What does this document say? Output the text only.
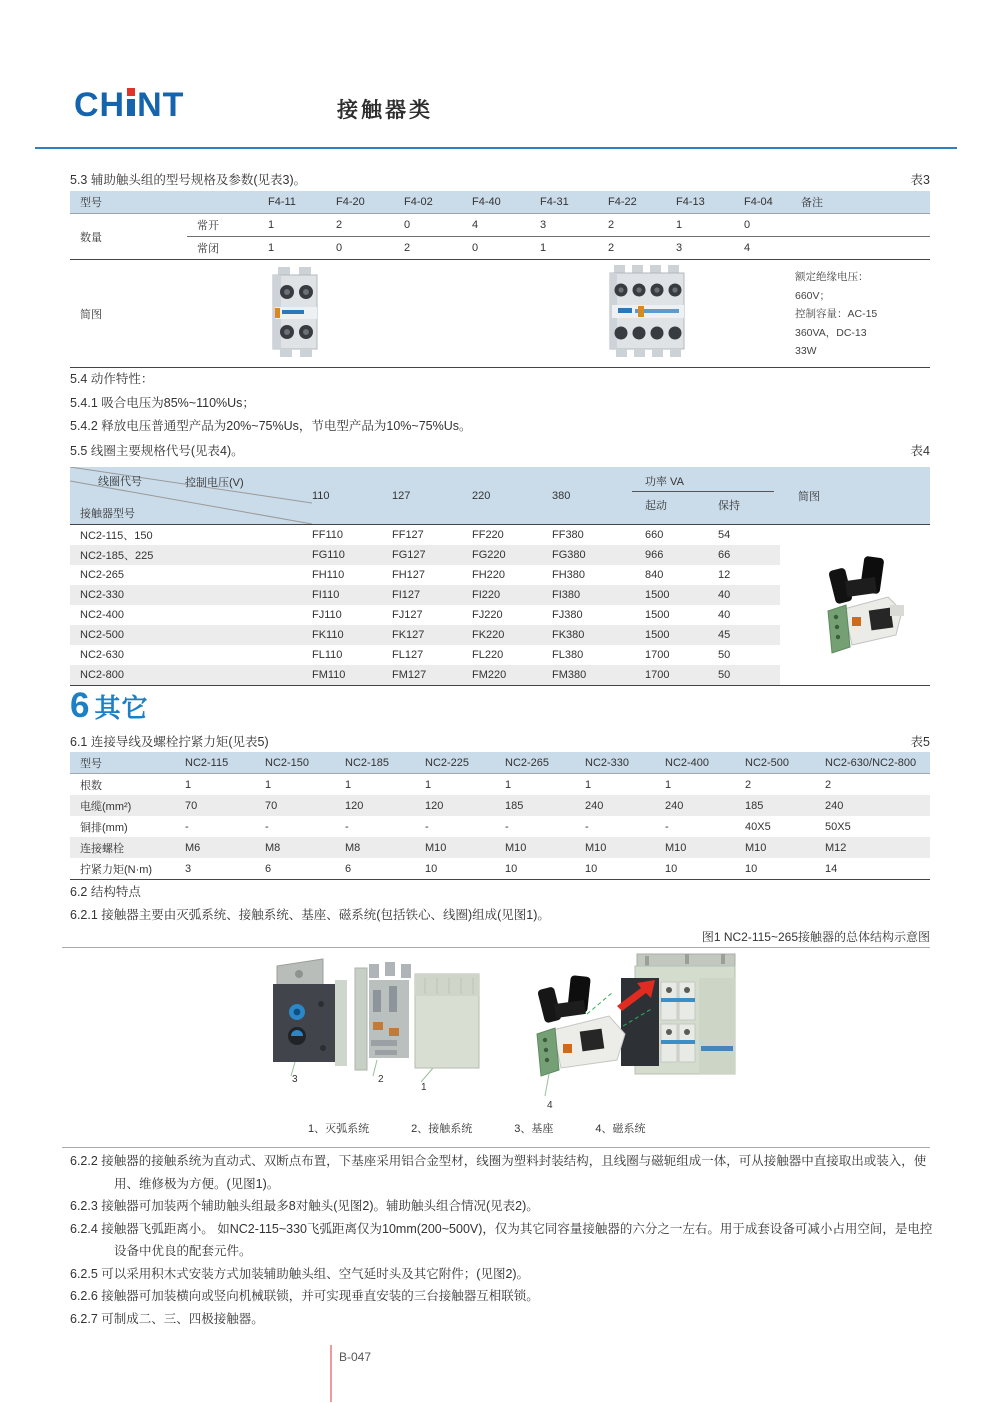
CH NT	接触器类
5.3 辅助触头组的型号规格及参数(见表3)。	表3
型号		F4-11	F4-20	F4-02	F4-40	F4-31	F4-22	F4-13	F4-04	备注
数量	常开	1	2	0	4	3	2	1	0	
	常闭	1	0	2	0	1	2	3	4	
简图	额定绝缘电压：
660V；
控制容量：AC-15
360VA，DC-13
33W									
5.4 动作特性：
5.4.1 吸合电压为85%~110%Us；
5.4.2 释放电压普通型产品为20%~75%Us，节电型产品为10%~75%Us。
5.5 线圈主要规格代号(见表4)。	表4
线圈代号	控制电压(V)
接触器型号
	110	127	220	380	
功率 VA
起动	保持
	简图
NC2-115、150	FF110	FF127	FF220	FF380	660	54	

NC2-185、225	FG110	FG127	FG220	FG380	966	66	
NC2-265	FH110	FH127	FH220	FH380	840	12	
NC2-330	FI110	FI127	FI220	FI380	1500	40	
NC2-400	FJ110	FJ127	FJ220	FJ380	1500	40	
NC2-500	FK110	FK127	FK220	FK380	1500	45	
NC2-630	FL110	FL127	FL220	FL380	1700	50	
NC2-800	FM110	FM127	FM220	FM380	1700	50	
6 其它
6.1 连接导线及螺栓拧紧力矩(见表5)	表5
型号	NC2-115	NC2-150	NC2-185	NC2-225	NC2-265	NC2-330	NC2-400	NC2-500	NC2-630/NC2-800
根数	1	1	1	1	1	1	1	2	2
电缆(mm²)	70	70	120	120	185	240	240	185	240
铜排(mm)	-	-	-	-	-	-	-	40X5	50X5
连接螺栓	M6	M8	M8	M10	M10	M10	M10	M10	M12
拧紧力矩(N·m)	3	6	6	10	10	10	10	10	14
6.2 结构特点
6.2.1 接触器主要由灭弧系统、接触系统、基座、磁系统(包括铁心、线圈)组成(见图1)。
图1 NC2-115~265接触器的总体结构示意图
3	2
1
4
1、灭弧系统	2、接触系统	3、基座	4、磁系统

6.2.2 接触器的接触系统为直动式、双断点布置，下基座采用铝合金型材，线圈为塑料封装结构，且线圈与磁轭组成一体，可从接触器中直接取出或装入，使用、维修极为方便。(见图1)。

6.2.3 接触器可加装两个辅助触头组最多8对触头(见图2)。辅助触头组合情况(见表2)。

6.2.4 接触器飞弧距离小。 如NC2-115~330飞弧距离仅为10mm(200~500V)，仅为其它同容量接触器的六分之一左右。用于成套设备可减小占用空间，是电控设备中优良的配套元件。

6.2.5 可以采用积木式安装方式加装辅助触头组、空气延时头及其它附件；(见图2)。

6.2.6 接触器可加装横向或竖向机械联锁，并可实现垂直安装的三台接触器互相联锁。

6.2.7 可制成二、三、四极接触器。

B-047
